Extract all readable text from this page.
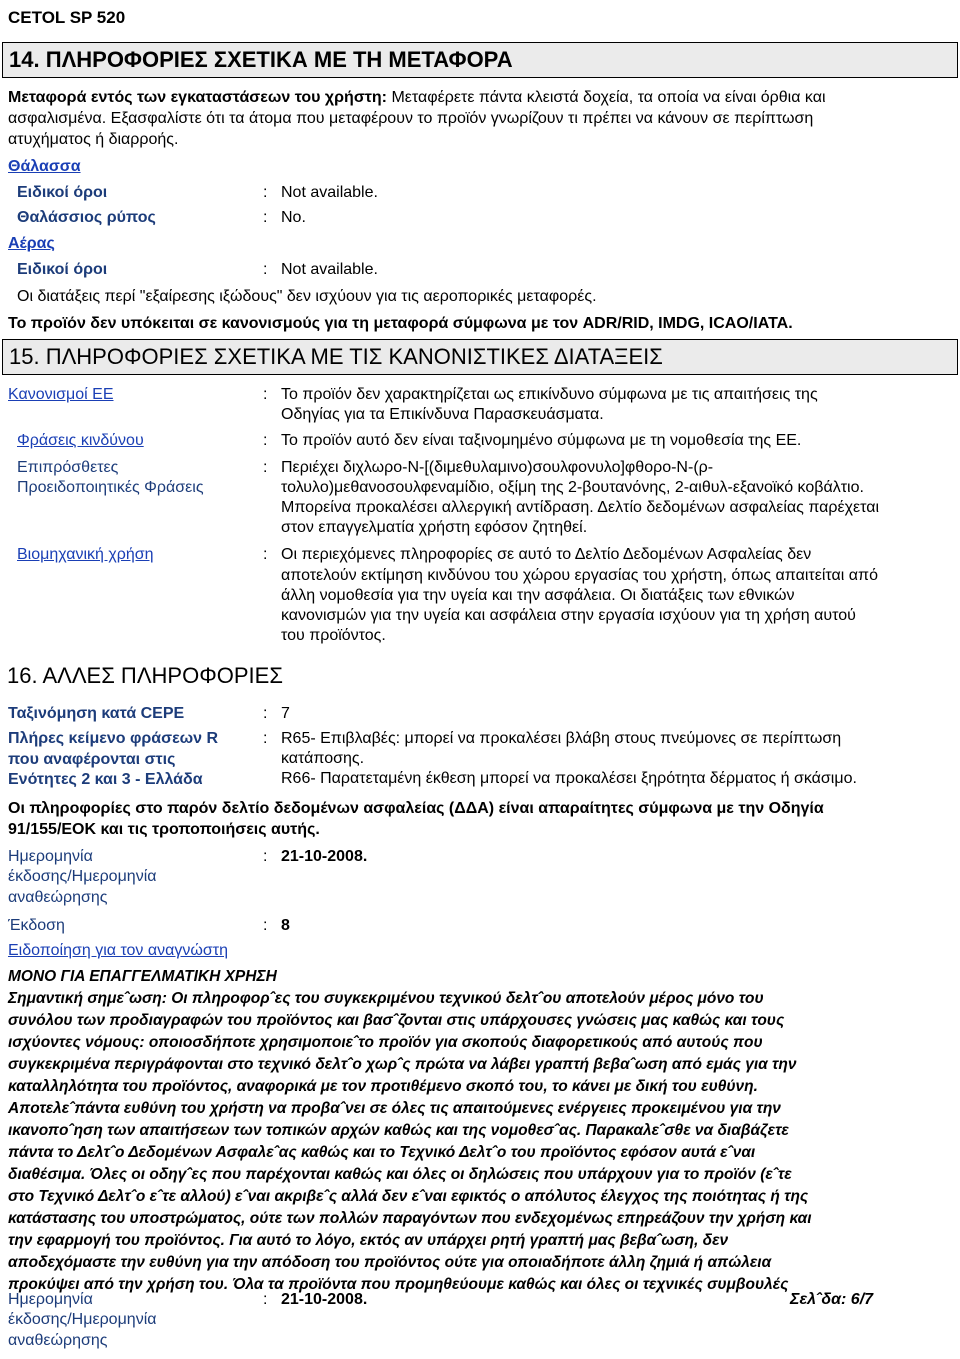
CETOL SP 520
14. ΠΛΗΡΟΦΟΡΙΕΣ ΣΧΕΤΙΚΑ ΜΕ ΤΗ ΜΕΤΑΦΟΡΑ
Μεταφορά εντός των εγκαταστάσεων του χρήστη: Μεταφέρετε πάντα κλειστά δοχεία, τα οποία να είναι όρθια και
ασφαλισμένα. Εξασφαλίστε ότι τα άτομα που μεταφέρουν το προϊόν γνωρίζουν τι πρέπει να κάνουν σε περίπτωση
ατυχήματος ή διαρροής.
Θάλασσα
Ειδικοί όροι	: Not available.
Θαλάσσιος ρύπος	: No.
Αέρας
Ειδικοί όροι	: Not available.
Οι διατάξεις περί "εξαίρεσης ιξώδους" δεν ισχύουν για τις αεροπορικές μεταφορές.
Το προϊόν δεν υπόκειται σε κανονισμούς για τη μεταφορά σύμφωνα με τον ADR/RID, IMDG, ICAO/IATA.
15. ΠΛΗΡΟΦΟΡΙΕΣ ΣΧΕΤΙΚΑ ΜΕ ΤΙΣ ΚΑΝΟΝΙΣΤΙΚΕΣ ΔΙΑΤΑΞΕΙΣ
Κανονισμοί ΕΕ	: Το προϊόν δεν χαρακτηρίζεται ως επικίνδυνο σύμφωνα με τις απαιτήσεις της
Οδηγίας για τα Επικίνδυνα Παρασκευάσματα.
Φράσεις κινδύνου	: Το προϊόν αυτό δεν είναι ταξινομημένο σύμφωνα με τη νομοθεσία της ΕΕ.
Επιπρόσθετες
Προειδοποιητικές Φράσεις
: Περιέχει διχλωρο-Ν-[(διμεθυλαμινο)σουλφονυλο]φθορο-Ν-(ρ-
τολυλο)μεθανοσουλφεναμίδιο, οξίμη της 2-βουτανόνης, 2-αιθυλ-εξανοϊκό κοβάλτιο.
Μπορείνα προκαλέσει αλλεργική αντίδραση. Δελτίο δεδομένων ασφαλείας παρέχεται
στον επαγγελματία χρήστη εφόσον ζητηθεί.
Βιομηχανική χρήση	: Οι περιεχόμενες πληροφορίες σε αυτό το Δελτίο Δεδομένων Ασφαλείας δεν
αποτελούν εκτίμηση κινδύνου του χώρου εργασίας του χρήστη, όπως απαιτείται από
άλλη νομοθεσία για την υγεία και την ασφάλεια. Οι διατάξεις των εθνικών
κανονισμών για την υγεία και ασφάλεια στην εργασία ισχύουν για τη χρήση αυτού
του προϊόντος.
16. ΑΛΛΕΣ ΠΛΗΡΟΦΟΡΙΕΣ
Ταξινόμηση κατά CEPE	: 7
Πλήρες κείμενο φράσεων R
που αναφέρονται στις
Ενότητες 2 και 3 - Ελλάδα
: R65- Επιβλαβές: μπορεί να προκαλέσει βλάβη στους πνεύμονες σε περίπτωση
κατάποσης.
R66- Παρατεταμένη έκθεση μπορεί να προκαλέσει ξηρότητα δέρματος ή σκάσιμο.
Οι πληροφορίες στο παρόν δελτίο δεδομένων ασφαλείας (ΔΔΑ) είναι απαραίτητες σύμφωνα με την Οδηγία
91/155/ΕΟΚ και τις τροποποιήσεις αυτής.
Ημερομηνία
έκδοσης/Ημερομηνία
αναθεώρησης
: 21-10-2008.
Έκδοση	: 8
Ειδοποίηση για τον αναγνώστη

ΜΟΝΟ ΓΙΑ ΕΠΑΓΓΕΛΜΑΤΙΚΗ ΧΡΗΣΗ

Σημαντική σημεˆωση: Οι πληροφορˆες του συγκεκριμένου τεχνικού δελτˆου αποτελούν μέρος μόνο του

συνόλου των προδιαγραφών του προϊόντος και βασˆζονται στις υπάρχουσες γνώσεις μας καθώς και τους

ισχύοντες νόμους: οποιοσδήποτε χρησιμοποιεˆτο προϊόν για σκοπούς διαφορετικούς από αυτούς που

συγκεκριμένα περιγράφονται στο τεχνικό δελτˆο χωρˆς πρώτα να λάβει γραπτή βεβαˆωση από εμάς για την

καταλληλότητα του προϊόντος, αναφορικά με τον προτιθέμενο σκοπό του, το κάνει με δική του ευθύνη.

Αποτελεˆπάντα ευθύνη του χρήστη να προβαˆνει σε όλες τις απαιτούμενες ενέργειες προκειμένου για την

ικανοποˆηση των απαιτήσεων των τοπικών αρχών καθώς και της νομοθεσˆας. Παρακαλεˆσθε να διαβάζετε

πάντα το Δελτˆο Δεδομένων Ασφαλεˆας καθώς και το Τεχνικό Δελτˆο του προϊόντος εφόσον αυτά εˆναι

διαθέσιμα. Όλες οι οδηγˆες που παρέχονται καθώς και όλες οι δηλώσεις που υπάρχουν για το προϊόν (εˆτε

στο Τεχνικό Δελτˆο εˆτε αλλού) εˆναι ακριβεˆς αλλά δεν εˆναι εφικτός ο απόλυτος έλεγχος της ποιότητας ή της

κατάστασης του υποστρώματος, ούτε των πολλών παραγόντων που ενδεχομένως επηρεάζουν την χρήση και

την εφαρμογή του προϊόντος. Για αυτό το λόγο, εκτός αν υπάρχει ρητή γραπτή μας βεβαˆωση, δεν

αποδεχόμαστε την ευθύνη για την απόδοση του προϊόντος ούτε για οποιαδήποτε άλλη ζημιά ή απώλεια

προκύψει από την χρήση του. Όλα τα προϊόντα που προμηθεύουμε καθώς και όλες οι τεχνικές συμβουλές

Ημερομηνία
έκδοσης/Ημερομηνία
αναθεώρησης
: 21-10-2008.	Σελˆδα: 6/7
